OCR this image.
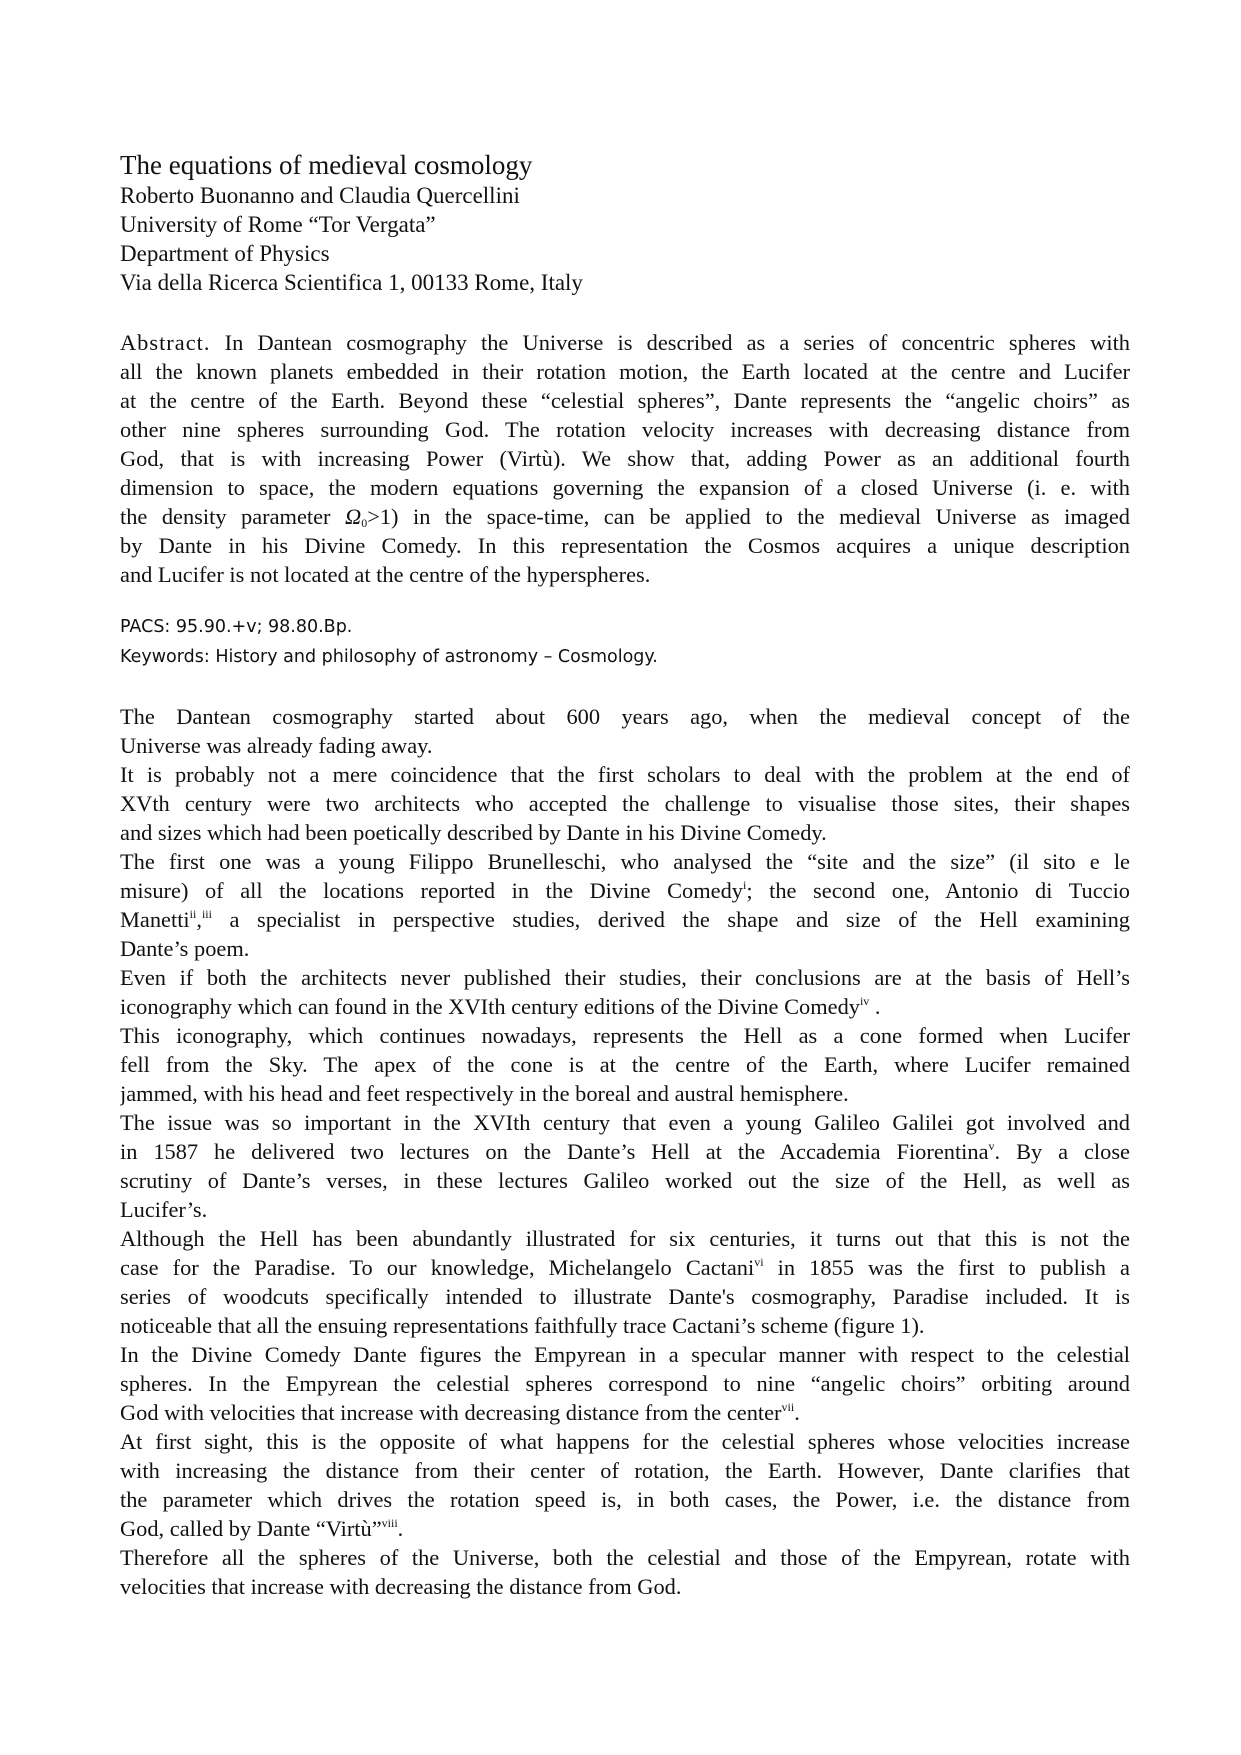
The equations of medieval cosmology
Roberto Buonanno and Claudia Quercellini
University of Rome “Tor Vergata”
Department of Physics
Via della Ricerca Scientifica 1, 00133 Rome, Italy
Abstract. In Dantean cosmography the Universe is described as a series of concentric spheres with
all the known planets embedded in their rotation motion, the Earth located at the centre and Lucifer
at the centre of the Earth. Beyond these “celestial spheres”, Dante represents the “angelic choirs” as
other nine spheres surrounding God. The rotation velocity increases with decreasing distance from
God, that is with increasing Power (Virtù). We show that, adding Power as an additional fourth
dimension to space, the modern equations governing the expansion of a closed Universe (i. e. with
the density parameter $\Omega_0>1$) in the space-time, can be applied to the medieval Universe as imaged
by Dante in his Divine Comedy. In this representation the Cosmos acquires a unique description
and Lucifer is not located at the centre of the hyperspheres.
PACS: 95.90.+v; 98.80.Bp.
Keywords: History and philosophy of astronomy – Cosmology.
The Dantean cosmography started about 600 years ago, when the medieval concept of the
Universe was already fading away.
It is probably not a mere coincidence that the first scholars to deal with the problem at the end of
XVth century were two architects who accepted the challenge to visualise those sites, their shapes
and sizes which had been poetically described by Dante in his Divine Comedy.
The first one was a young Filippo Brunelleschi, who analysed the “site and the size” (il sito e le
misure) of all the locations reported in the Divine Comedy$^i$; the second one, Antonio di Tuccio
Manetti$^{ii}$,$^{iii}$ a specialist in perspective studies, derived the shape and size of the Hell examining
Dante’s poem.
Even if both the architects never published their studies, their conclusions are at the basis of Hell’s
iconography which can found in the XVIth century editions of the Divine Comedy$^{iv}$ .
This iconography, which continues nowadays, represents the Hell as a cone formed when Lucifer
fell from the Sky. The apex of the cone is at the centre of the Earth, where Lucifer remained
jammed, with his head and feet respectively in the boreal and austral hemisphere.
The issue was so important in the XVIth century that even a young Galileo Galilei got involved and
in 1587 he delivered two lectures on the Dante’s Hell at the Accademia Fiorentina$^v$. By a close
scrutiny of Dante’s verses, in these lectures Galileo worked out the size of the Hell, as well as
Lucifer’s.
Although the Hell has been abundantly illustrated for six centuries, it turns out that this is not the
case for the Paradise. To our knowledge, Michelangelo Cactani$^{vi}$ in 1855 was the first to publish a
series of woodcuts specifically intended to illustrate Dante's cosmography, Paradise included. It is
noticeable that all the ensuing representations faithfully trace Cactani’s scheme (figure 1).
In the Divine Comedy Dante figures the Empyrean in a specular manner with respect to the celestial
spheres. In the Empyrean the celestial spheres correspond to nine “angelic choirs” orbiting around
God with velocities that increase with decreasing distance from the center$^{vii}$.
At first sight, this is the opposite of what happens for the celestial spheres whose velocities increase
with increasing the distance from their center of rotation, the Earth. However, Dante clarifies that
the parameter which drives the rotation speed is, in both cases, the Power, i.e. the distance from
God, called by Dante “Virtù”$^{viii}$.
Therefore all the spheres of the Universe, both the celestial and those of the Empyrean, rotate with
velocities that increase with decreasing the distance from God.
